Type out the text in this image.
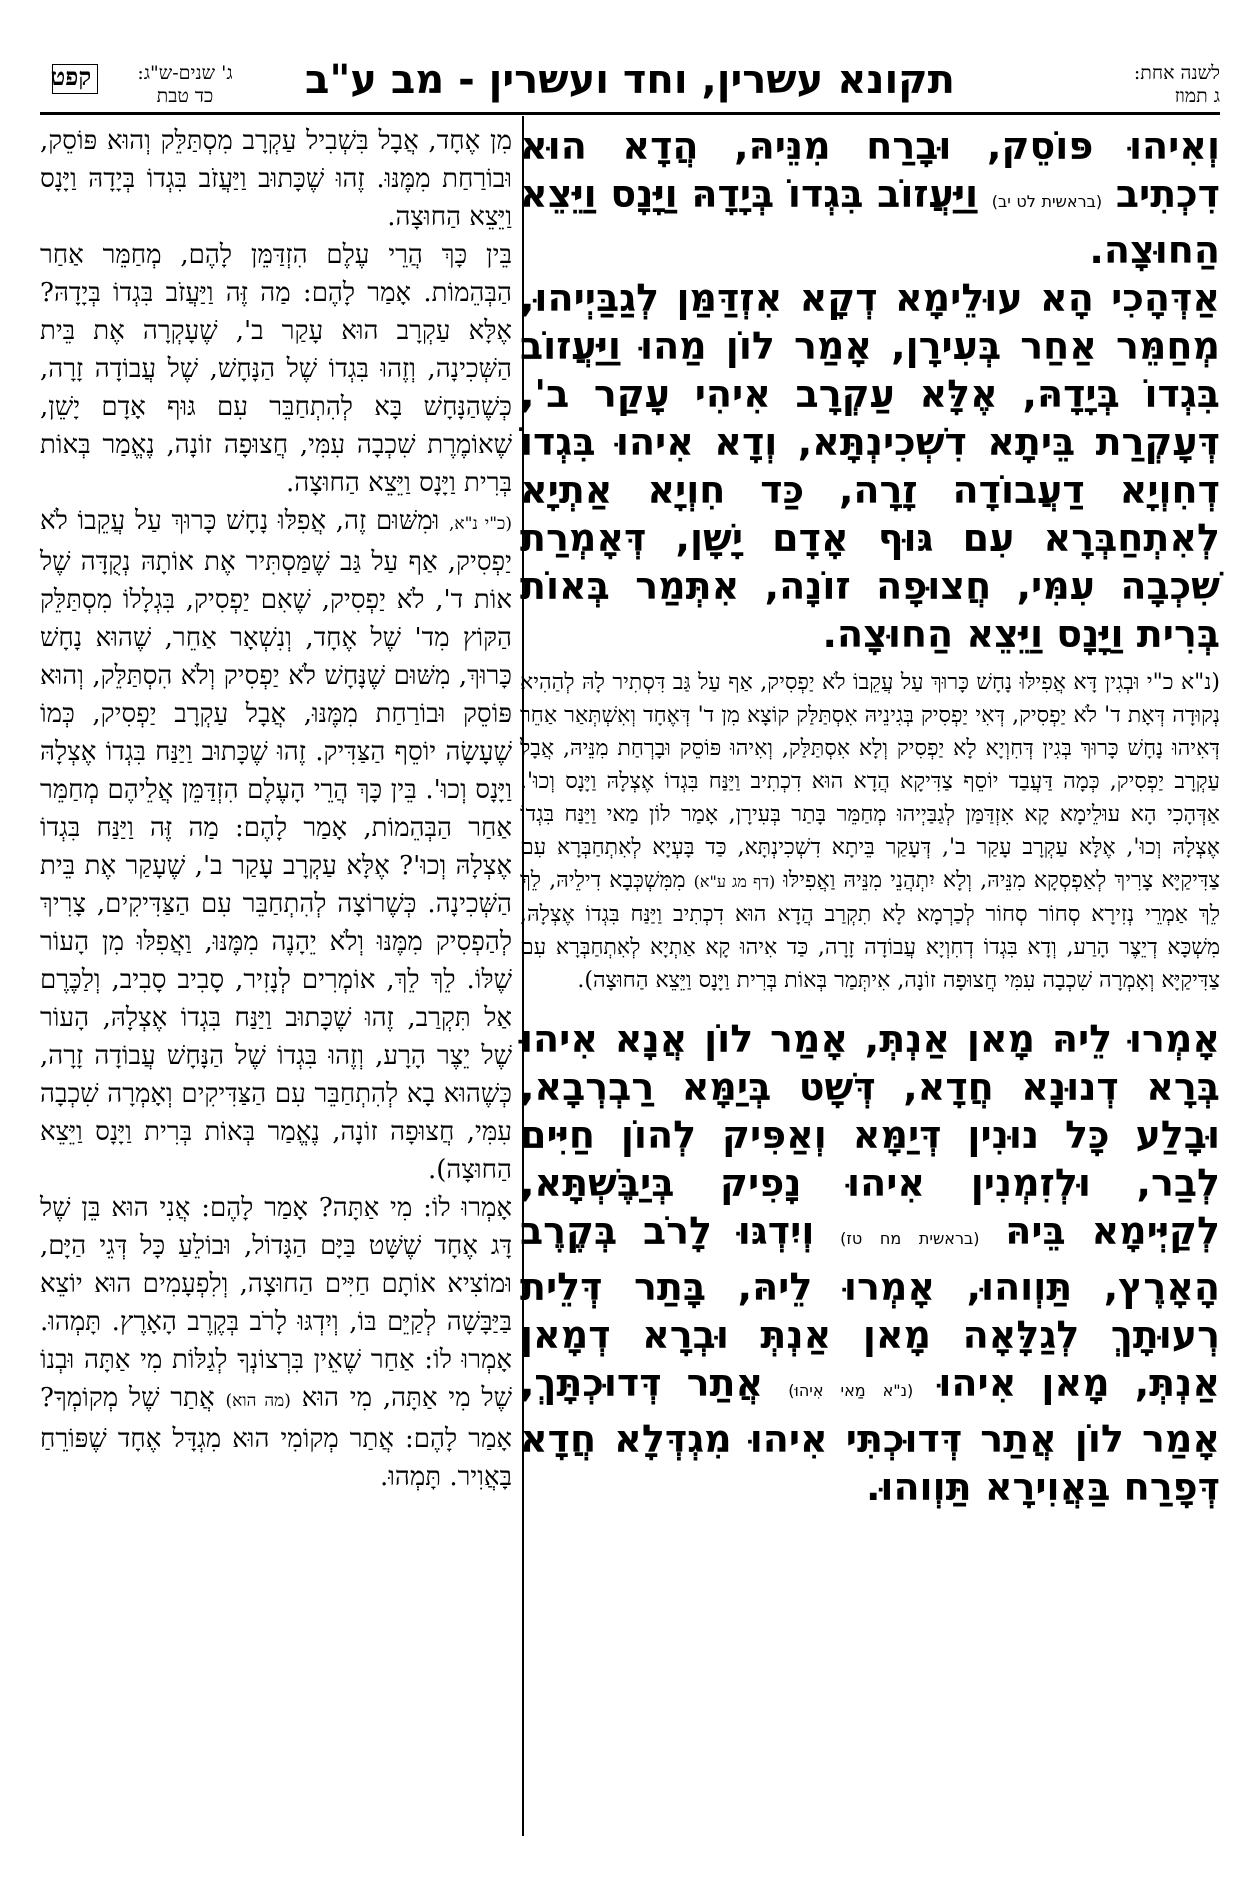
לשנה אחת:
ג תמוז
תקונא עשרין, וחד ועשרין - מב ע"ב
ג' שנים-ש"ג:
כד טבת
קפט

וְאִיהוּ פּוֹסֵק, וּבָרַח מִנֵּיהּ, הֲדָא הוּא דִכְתִיב (בראשית לט יב) וַיַּעֲזוֹב בִּגְדוֹ בְּיָדָהּ וַיָּנָס וַיֵּצֵא הַחוּצָה.

אַדְּהָכִי הָא עוּלֵימָא דְקָא אִזְדַּמַּן לְגַבַּיְיהוּ, מְחַמֵּר אַחַר בְּעִירָן, אָמַר לוֹן מַהוּ וַיַּעֲזוֹב בִּגְדוֹ בְּיָדָהּ, אֶלָּא עַקְרָב אִיהִי עָקַר ב', דְּעָקְרַת בֵּיתָא דִשְׁכִינְתָּא, וְדָא אִיהוּ בִּגְדוֹ דְחִוְיָא דַעֲבוֹדָה זָרָה, כַּד חִוְיָא אַתְיָא לְאִתְחַבְּרָא עִם גּוּף אָדָם יָשָׁן, דְּאָמְרַת שִׁכְבָה עִמִּי, חֲצוּפָה זוֹנָה, אִתְּמַר בְּאוֹת בְּרִית וַיָּנָס וַיֵּצֵא הַחוּצָה.

(נ"א כ"י וּבְגִין דָּא אֲפִילּוּ נָחָשׁ כָּרוּךְ עַל עֲקֵבוֹ לֹא יַפְסִיק, אַף עַל גַּב דִּסְתִיר לָהּ לְהַהִיא נְקוּדָה דְּאָת ד' לֹא יַפְסִיק, דְּאִי יַפְסִיק בְּגִינֵיהּ אִסְתַּלַּק קוֹצָא מִן ד' דְּאֶחָד וְאִשְׁתְּאַר אַחֵר דְּאִיהוּ נָחָשׁ כָּרוּךְ בְּגִין דְּחִוְיָא לָא יַפְסִיק וְלָא אִסְתַּלַּק, וְאִיהוּ פּוֹסֵק וּבָרְחַת מִנֵּיהּ, אֲבָל עַקְרָב יַפְסִיק, כְּמָה דַּעֲבַד יוֹסֵף צַדִּיקָא הֲדָא הוּא דִכְתִיב וַיַּנַּח בִּגְדוֹ אֶצְלָהּ וַיָּנָס וְכוּ'. אַדְּהָכִי הָא עוּלֵימָא קָא אִזְדַּמַּן לְגַבַּיְיהוּ מְחַמֵּר בָּתַר בְּעִירָן, אָמַר לוֹן מַאי וַיַּנַּח בִּגְדוֹ אֶצְלָהּ וְכוּ', אֶלָּא עַקְרָב עָקַר ב', דְּעָקַר בֵּיתָא דִשְׁכִינְתָּא, כַּד בָּעְיָא לְאִתְחַבְּרָא עִם צַדִּיקַיָּא צָרִיךְ לְאַפְסְקָא מִנֵּיהּ, וְלָא יִתְהֲנֵי מִנֵּיהּ וַאֲפִילּוּ (דף מג ע"א) מִמִּשְׁכְּבָא דִילֵיהּ, לֵךְ לֵךְ אַמְרֵי נְזִירָא סְחוֹר סְחוֹר לְכַרְמָא לָא תִקְרַב הֲדָא הוּא דִכְתִיב וַיַּנַּח בִּגְדוֹ אֶצְלָהּ, מִשְׁכָּא דְיֵצֶר הָרַע, וְדָא בִּגְדוֹ דְחִוְיָא עֲבוֹדָה זָרָה, כַּד אִיהוּ קָא אַתְיָא לְאִתְחַבְּרָא עִם צַדִּיקַיָּא וְאָמְרָה שִׁכְבָה עִמִּי חֲצוּפָה זוֹנָה, אִיתְּמַר בְּאוֹת בְּרִית וַיָּנָס וַיֵּצֵא הַחוּצָה).

אָמְרוּ לֵיהּ מָאן אַנְתְּ, אָמַר לוֹן אֲנָא אִיהוּ בְּרָא דְנוּנָא חֲדָא, דְּשָׁט בְּיַמָּא רַבְרְבָא, וּבָלַע כָּל נוּנִין דְּיַמָּא וְאַפִּיק לְהוֹן חַיִּים לְבַר, וּלְזִמְנִין אִיהוּ נָפִיק בְּיַבֶּשְׁתָּא, לְקַיְּימָא בֵּיהּ (בראשית מח טז) וְיִדְגּוּ לָרֹב בְּקֶרֶב הָאָרֶץ, תַּוְוהוּ, אָמְרוּ לֵיהּ, בָּתַר דְּלֵית רְעוּתָךְ לְגַלָּאָה מָאן אַנְתְּ וּבְרָא דְמָאן אַנְתְּ, מָאן אִיהוּ (נ"א מַאי אִיהוּ) אֲתַר דְּדוּכְתָּךְ, אָמַר לוֹן אֲתַר דְּדוּכְתִּי אִיהוּ מִגְדְּלָא חֲדָא דְּפָרַח בַּאֲוִירָא תַּוְוהוּ.

מִן אֶחָד, אֲבָל בִּשְׁבִיל עַקְרָב מִסְתַּלֵּק וְהוּא פּוֹסֵק, וּבוֹרַחַת מִמֶּנּוּ. זֶהוּ שֶׁכָּתוּב וַיַּעֲזֹב בִּגְדוֹ בְּיָדָהּ וַיָּנָס וַיֵּצֵא הַחוּצָה.

בֵּין כָּךְ הֲרֵי עֶלֶם הִזְדַּמֵּן לָהֶם, מְחַמֵּר אַחַר הַבְּהֵמוֹת. אָמַר לָהֶם: מַה זֶּה וַיַּעֲזֹב בִּגְדוֹ בְּיָדָהּ? אֶלָּא עַקְרָב הוּא עָקַר ב', שֶׁעָקְרָה אֶת בֵּית הַשְּׁכִינָה, וְזֶהוּ בִּגְדוֹ שֶׁל הַנָּחָשׁ, שֶׁל עֲבוֹדָה זָרָה, כְּשֶׁהַנָּחָשׁ בָּא לְהִתְחַבֵּר עִם גּוּף אָדָם יָשֵׁן, שֶׁאוֹמֶרֶת שִׁכְבָה עִמִּי, חֲצוּפָה זוֹנָה, נֶאֱמַר בְּאוֹת בְּרִית וַיָּנָס וַיֵּצֵא הַחוּצָה.

(כ"י נ"א, וּמִשּׁוּם זֶה, אֲפִלּוּ נָחָשׁ כָּרוּךְ עַל עֲקֵבוֹ לֹא יַפְסִיק, אַף עַל גַּב שֶׁמַּסְתִּיר אֶת אוֹתָהּ נְקֻדָּה שֶׁל אוֹת ד', לֹא יַפְסִיק, שֶׁאִם יַפְסִיק, בִּגְלָלוֹ מִסְתַּלֵּק הַקּוֹץ מִד' שֶׁל אֶחָד, וְנִשְׁאָר אַחֵר, שֶׁהוּא נָחָשׁ כָּרוּךְ, מִשּׁוּם שֶׁנָּחָשׁ לֹא יַפְסִיק וְלֹא הִסְתַּלֵּק, וְהוּא פּוֹסֵק וּבוֹרַחַת מִמֶּנּוּ, אֲבָל עַקְרָב יַפְסִיק, כְּמוֹ שֶׁעָשָׂה יוֹסֵף הַצַּדִּיק. זֶהוּ שֶׁכָּתוּב וַיַּנַּח בִּגְדוֹ אֶצְלָהּ וַיָּנָס וְכוּ'. בֵּין כָּךְ הֲרֵי הָעֶלֶם הִזְדַּמֵּן אֲלֵיהֶם מְחַמֵּר אַחַר הַבְּהֵמוֹת, אָמַר לָהֶם: מַה זֶּה וַיַּנַּח בִּגְדוֹ אֶצְלָהּ וְכוּ'? אֶלָּא עַקְרָב עָקַר ב', שֶׁעָקַר אֶת בֵּית הַשְּׁכִינָה. כְּשֶׁרוֹצָה לְהִתְחַבֵּר עִם הַצַּדִּיקִים, צָרִיךְ לְהַפְסִיק מִמֶּנּוּ וְלֹא יֵהָנֶה מִמֶּנּוּ, וַאֲפִלּוּ מִן הָעוֹר שֶׁלּוֹ. לֵךְ לֵךְ, אוֹמְרִים לְנָזִיר, סָבִיב סָבִיב, וְלַכֶּרֶם אַל תִּקְרַב, זֶהוּ שֶׁכָּתוּב וַיַּנַּח בִּגְדוֹ אֶצְלָהּ, הָעוֹר שֶׁל יֵצֶר הָרָע, וְזֶהוּ בִּגְדוֹ שֶׁל הַנָּחָשׁ עֲבוֹדָה זָרָה, כְּשֶׁהוּא בָא לְהִתְחַבֵּר עִם הַצַּדִּיקִים וְאָמְרָה שִׁכְבָה עִמִּי, חֲצוּפָה זוֹנָה, נֶאֱמַר בְּאוֹת בְּרִית וַיָּנָס וַיֵּצֵא הַחוּצָה).

אָמְרוּ לוֹ: מִי אַתָּה? אָמַר לָהֶם: אֲנִי הוּא בֵּן שֶׁל דָּג אֶחָד שֶׁשָּׁט בַּיָּם הַגָּדוֹל, וּבוֹלֵעַ כָּל דְּגֵי הַיָּם, וּמוֹצִיא אוֹתָם חַיִּים הַחוּצָה, וְלִפְעָמִים הוּא יוֹצֵא בַּיַּבָּשָׁה לְקַיֵּם בּוֹ, וְיִדְגּוּ לָרֹב בְּקֶרֶב הָאָרֶץ. תָּמְהוּ. אָמְרוּ לוֹ: אַחַר שֶׁאֵין בִּרְצוֹנְךָ לְגַלּוֹת מִי אַתָּה וּבְנוֹ שֶׁל מִי אַתָּה, מִי הוּא (מה הוא) אֲתַר שֶׁל מְקוֹמְךָ? אָמַר לָהֶם: אֲתַר מְקוֹמִי הוּא מִגְדָּל אֶחָד שֶׁפּוֹרֵחַ בָּאֲוִיר. תָּמְהוּ.
